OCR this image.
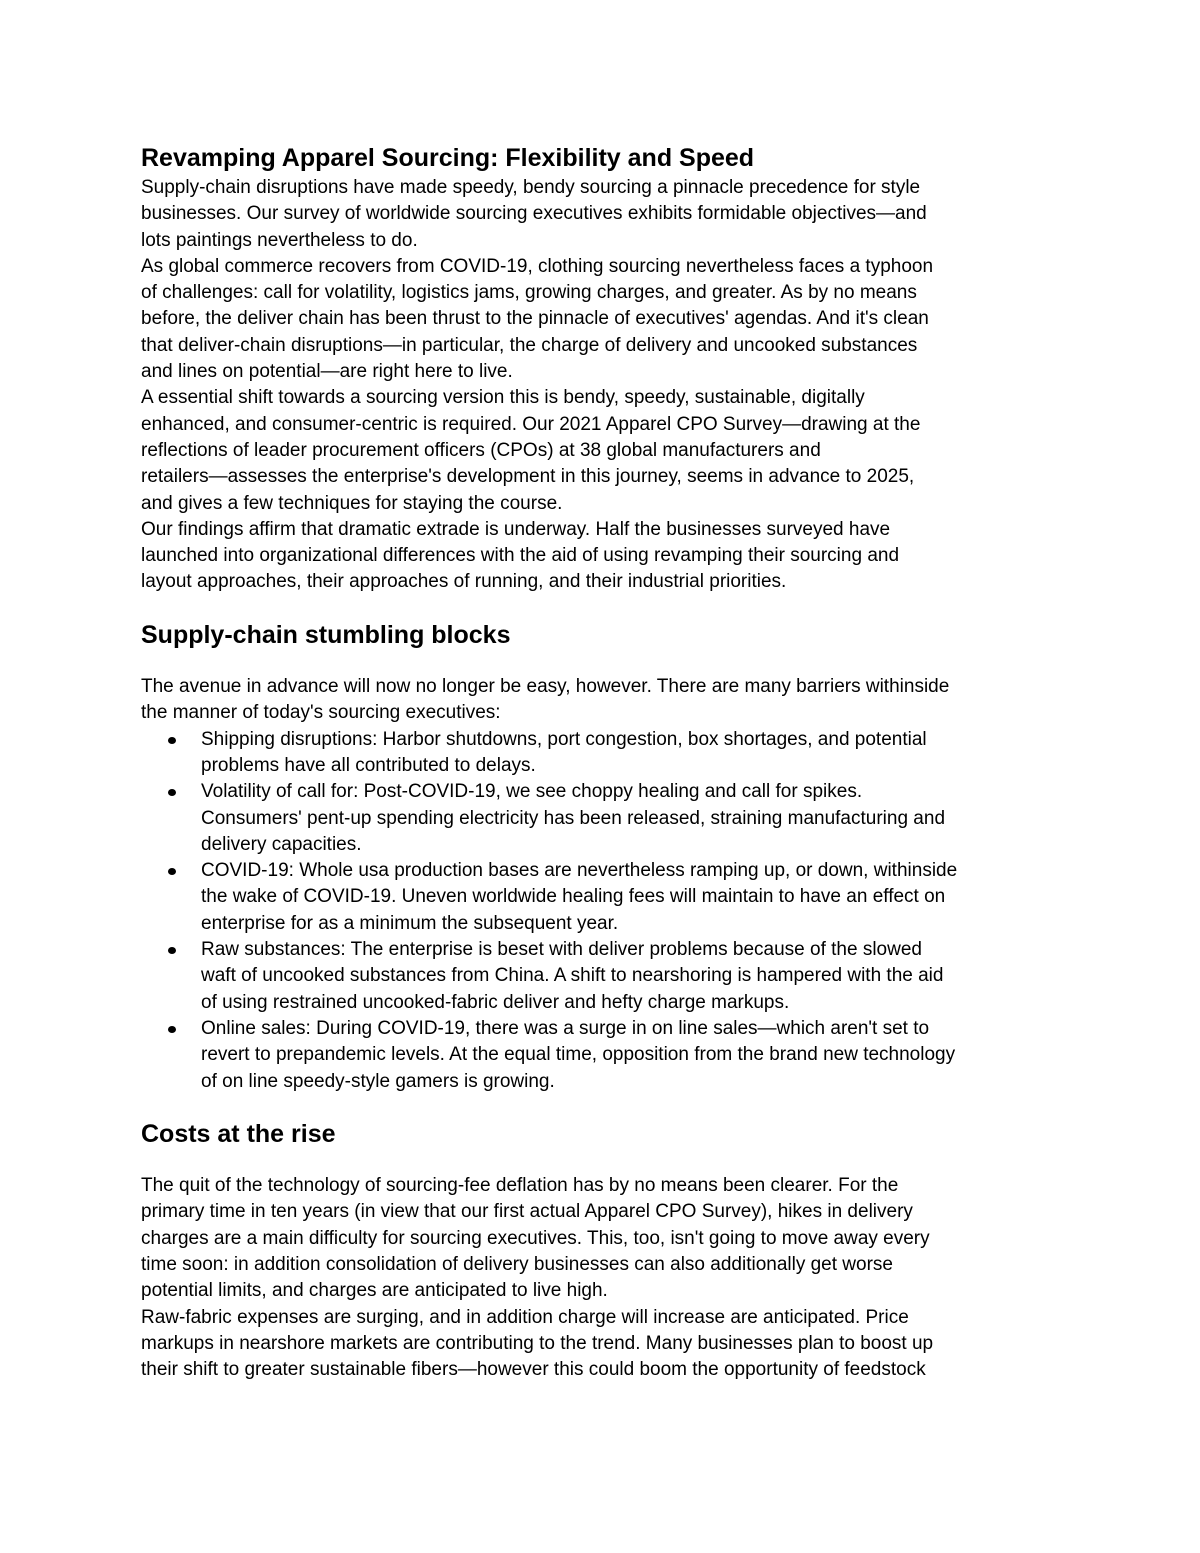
Revamping Apparel Sourcing: Flexibility and Speed
Supply-chain disruptions have made speedy, bendy sourcing a pinnacle precedence for style
businesses. Our survey of worldwide sourcing executives exhibits formidable objectives—and
lots paintings nevertheless to do.
As global commerce recovers from COVID-19, clothing sourcing nevertheless faces a typhoon
of challenges: call for volatility, logistics jams, growing charges, and greater. As by no means
before, the deliver chain has been thrust to the pinnacle of executives' agendas. And it's clean
that deliver-chain disruptions—in particular, the charge of delivery and uncooked substances
and lines on potential—are right here to live.
A essential shift towards a sourcing version this is bendy, speedy, sustainable, digitally
enhanced, and consumer-centric is required. Our 2021 Apparel CPO Survey—drawing at the
reflections of leader procurement officers (CPOs) at 38 global manufacturers and
retailers—assesses the enterprise's development in this journey, seems in advance to 2025,
and gives a few techniques for staying the course.
Our findings affirm that dramatic extrade is underway. Half the businesses surveyed have
launched into organizational differences with the aid of using revamping their sourcing and
layout approaches, their approaches of running, and their industrial priorities.
Supply-chain stumbling blocks
The avenue in advance will now no longer be easy, however. There are many barriers withinside
the manner of today's sourcing executives:
Shipping disruptions: Harbor shutdowns, port congestion, box shortages, and potential
problems have all contributed to delays.
Volatility of call for: Post-COVID-19, we see choppy healing and call for spikes.
Consumers' pent-up spending electricity has been released, straining manufacturing and
delivery capacities.
COVID-19: Whole usa production bases are nevertheless ramping up, or down, withinside
the wake of COVID-19. Uneven worldwide healing fees will maintain to have an effect on
enterprise for as a minimum the subsequent year.
Raw substances: The enterprise is beset with deliver problems because of the slowed
waft of uncooked substances from China. A shift to nearshoring is hampered with the aid
of using restrained uncooked-fabric deliver and hefty charge markups.
Online sales: During COVID-19, there was a surge in on line sales—which aren't set to
revert to prepandemic levels. At the equal time, opposition from the brand new technology
of on line speedy-style gamers is growing.
Costs at the rise
The quit of the technology of sourcing-fee deflation has by no means been clearer. For the
primary time in ten years (in view that our first actual Apparel CPO Survey), hikes in delivery
charges are a main difficulty for sourcing executives. This, too, isn't going to move away every
time soon: in addition consolidation of delivery businesses can also additionally get worse
potential limits, and charges are anticipated to live high.
Raw-fabric expenses are surging, and in addition charge will increase are anticipated. Price
markups in nearshore markets are contributing to the trend. Many businesses plan to boost up
their shift to greater sustainable fibers—however this could boom the opportunity of feedstock
